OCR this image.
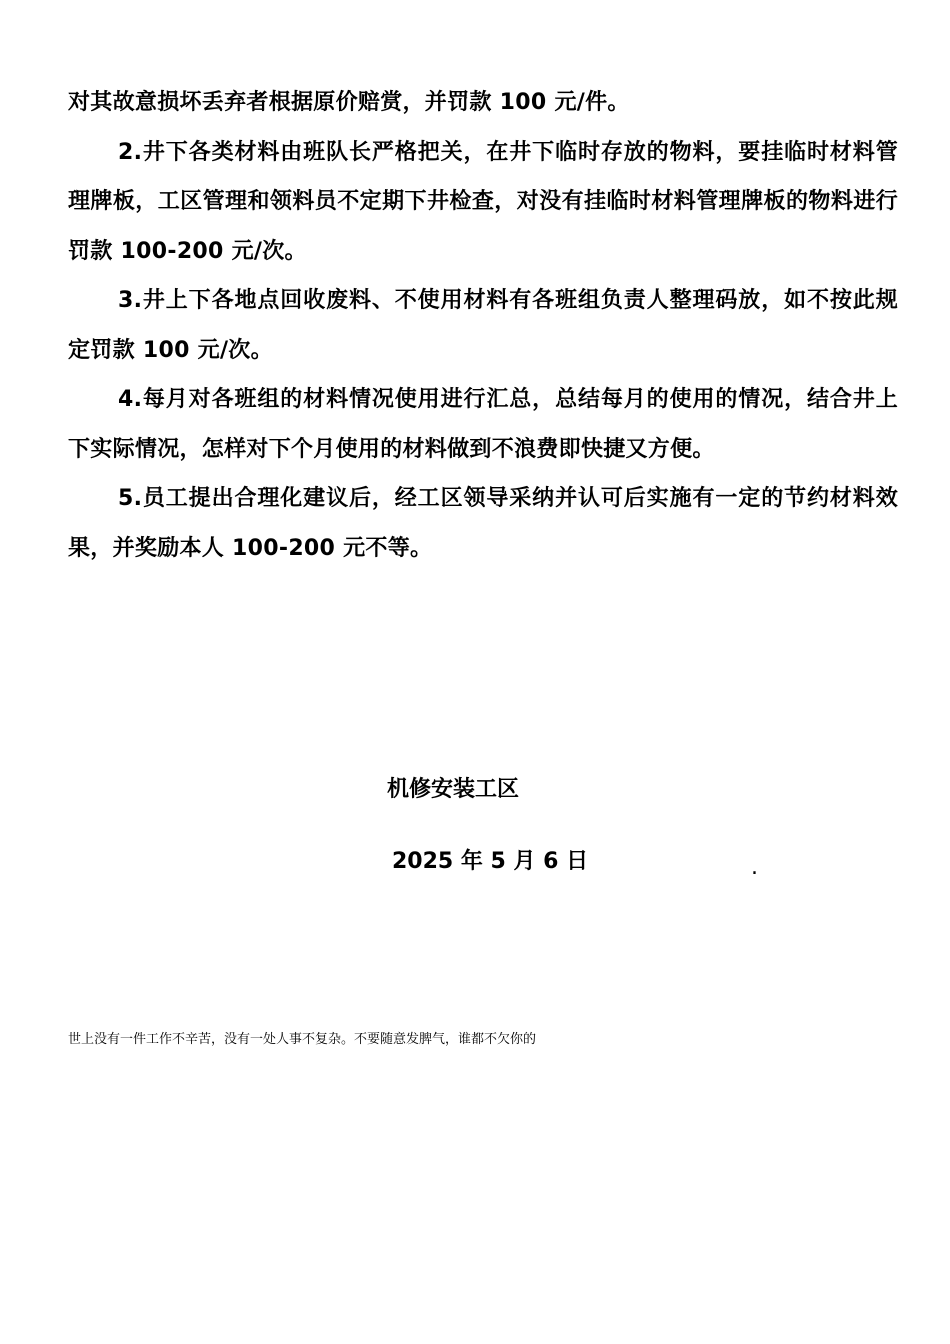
对其故意损坏丢弃者根据原价赔赏，并罚款 100 元/件。

2.井下各类材料由班队长严格把关，在井下临时存放的物料，要挂临时材料管理牌板，工区管理和领料员不定期下井检查，对没有挂临时材料管理牌板的物料进行罚款 100-200 元/次。

3.井上下各地点回收废料、不使用材料有各班组负责人整理码放，如不按此规定罚款 100 元/次。

4.每月对各班组的材料情况使用进行汇总，总结每月的使用的情况，结合井上下实际情况，怎样对下个月使用的材料做到不浪费即快捷又方便。

5.员工提出合理化建议后，经工区领导采纳并认可后实施有一定的节约材料效果，并奖励本人 100-200 元不等。

机修安装工区
2025 年 5 月 6 日	.
世上没有一件工作不辛苦，没有一处人事不复杂。不要随意发脾气，谁都不欠你的
